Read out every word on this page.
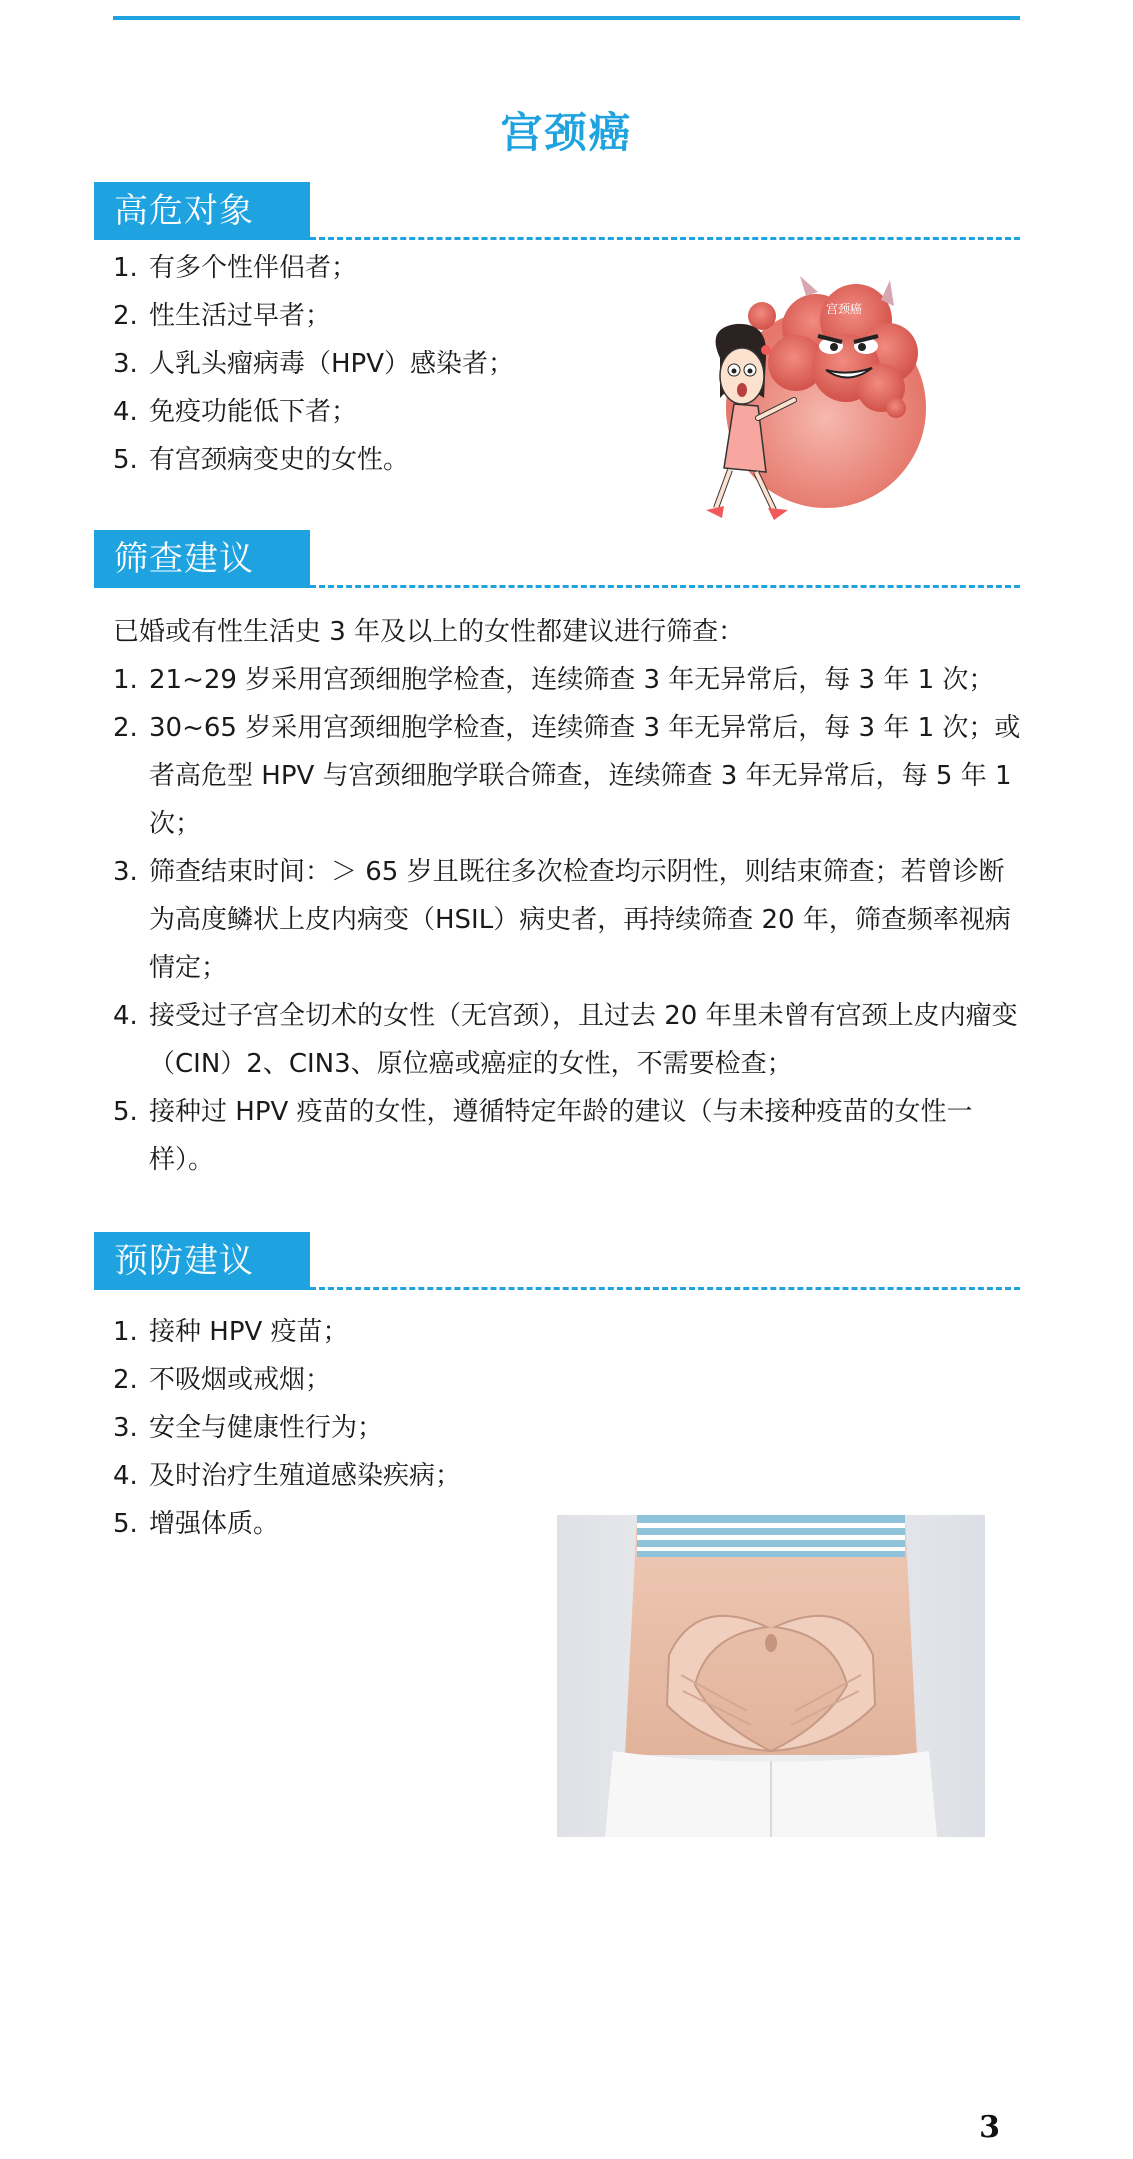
宫颈癌
高危对象
1. 有多个性伴侣者；
2. 性生活过早者；
3. 人乳头瘤病毒（HPV）感染者；
4. 免疫功能低下者；
5. 有宫颈病变史的女性。
宫颈癌
筛查建议
已婚或有性生活史 3 年及以上的女性都建议进行筛查：
1. 21~29 岁采用宫颈细胞学检查，连续筛查 3 年无异常后，每 3 年 1 次；
2. 30~65 岁采用宫颈细胞学检查，连续筛查 3 年无异常后，每 3 年 1 次；或者高危型 HPV 与宫颈细胞学联合筛查，连续筛查 3 年无异常后，每 5 年 1 次；
3. 筛查结束时间：＞ 65 岁且既往多次检查均示阴性，则结束筛查；若曾诊断为高度鳞状上皮内病变（HSIL）病史者，再持续筛查 20 年，筛查频率视病情定；
4. 接受过子宫全切术的女性（无宫颈），且过去 20 年里未曾有宫颈上皮内瘤变（CIN）2、CIN3、原位癌或癌症的女性，不需要检查；
5. 接种过 HPV 疫苗的女性，遵循特定年龄的建议（与未接种疫苗的女性一样）。
预防建议
1. 接种 HPV 疫苗；
2. 不吸烟或戒烟；
3. 安全与健康性行为；
4. 及时治疗生殖道感染疾病；
5. 增强体质。
3
